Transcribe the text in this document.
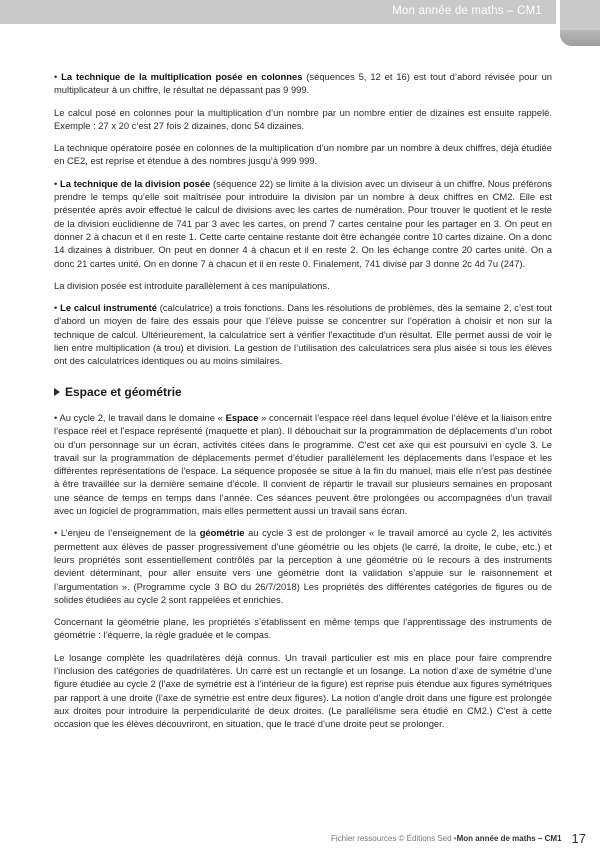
Mon année de maths – CM1

• La technique de la multiplication posée en colonnes (séquences 5, 12 et 16) est tout d’abord révisée pour un multiplicateur à un chiffre, le résultat ne dépassant pas 9 999.

Le calcul posé en colonnes pour la multiplication d’un nombre par un nombre entier de dizaines est ensuite rappelé. Exemple : 27 x 20 c’est 27 fois 2 dizaines, donc 54 dizaines.

La technique opératoire posée en colonnes de la multiplication d’un nombre par un nombre à deux chiffres, déjà étudiée en CE2, est reprise et étendue à des nombres jusqu’à 999 999.

• La technique de la division posée (séquence 22) se limite à la division avec un diviseur à un chiffre. Nous préférons prendre le temps qu’elle soit maîtrisée pour introduire la division par un nombre à deux chiffres en CM2. Elle est présentée après avoir effectué le calcul de divisions avec les cartes de numération. Pour trouver le quotient et le reste de la division euclidienne de 741 par 3 avec les cartes, on prend 7 cartes centaine pour les partager en 3. On peut en donner 2 à chacun et il en reste 1. Cette carte centaine restante doit être échangée contre 10 cartes dizaine. On a donc 14 dizaines à distribuer. On peut en donner 4 à chacun et il en reste 2. On les échange contre 20 cartes unité. On a donc 21 cartes unité. On en donne 7 à chacun et il en reste 0. Finalement, 741 divisé par 3 donne 2c 4d 7u (247).

La division posée est introduite parallèlement à ces manipulations.

• Le calcul instrumenté (calculatrice) a trois fonctions. Dans les résolutions de problèmes, dès la semaine 2, c’est tout d’abord un moyen de faire des essais pour que l’élève puisse se concentrer sur l’opération à choisir et non sur la technique de calcul. Ultérieurement, la calculatrice sert à vérifier l’exactitude d’un résultat. Elle permet aussi de voir le lien entre multiplication (à trou) et division. La gestion de l’utilisation des calculatrices sera plus aisée si tous les élèves ont des calculatrices identiques ou au moins similaires.

Espace et géométrie

• Au cycle 2, le travail dans le domaine « Espace » concernait l’espace réel dans lequel évolue l’élève et la liaison entre l’espace réel et l’espace représenté (maquette et plan). Il débouchait sur la programmation de déplacements d’un robot ou d’un personnage sur un écran, activités citées dans le programme. C’est cet axe qui est poursuivi en cycle 3. Le travail sur la programmation de déplacements permet d’étudier parallèlement les déplacements dans l’espace et les différentes représentations de l’espace. La séquence proposée se situe à la fin du manuel, mais elle n’est pas destinée à être travaillée sur la dernière semaine d’école. Il convient de répartir le travail sur plusieurs semaines en proposant une séance de temps en temps dans l’année. Ces séances peuvent être prolongées ou accompagnées d’un travail avec un logiciel de programmation, mais elles permettent aussi un travail sans écran.

• L’enjeu de l’enseignement de la géométrie au cycle 3 est de prolonger « le travail amorcé au cycle 2, les activités permettent aux élèves de passer progressivement d’une géométrie ou les objets (le carré, la droite, le cube, etc.) et leurs propriétés sont essentiellement contrôlés par la perception à une géométrie où le recours à des instruments devient déterminant, pour aller ensuite vers une géométrie dont la validation s’appuie sur le raisonnement et l’argumentation ». (Programme cycle 3 BO du 26/7/2018) Les propriétés des différentes catégories de figures ou de solides étudiées au cycle 2 sont rappelées et enrichies.

Concernant la géométrie plane, les propriétés s’établissent en même temps que l’apprentissage des instruments de géométrie : l’équerre, la règle graduée et le compas.

Le losange complète les quadrilatères déjà connus. Un travail particulier est mis en place pour faire comprendre l’inclusion des catégories de quadrilatères. Un carré est un rectangle et un losange. La notion d’axe de symétrie d’une figure étudiée au cycle 2 (l’axe de symétrie est à l’intérieur de la figure) est reprise puis étendue aux figures symétriques par rapport à une droite (l’axe de symétrie est entre deux figures). La notion d’angle droit dans une figure est prolongée aux droites pour introduire la perpendicularité de deux droites. (Le parallélisme sera étudié en CM2.) C’est à cette occasion que les élèves découvriront, en situation, que le tracé d’une droite peut se prolonger.

Fichier ressources © Éditions Sed • Mon année de maths – CM1 17
